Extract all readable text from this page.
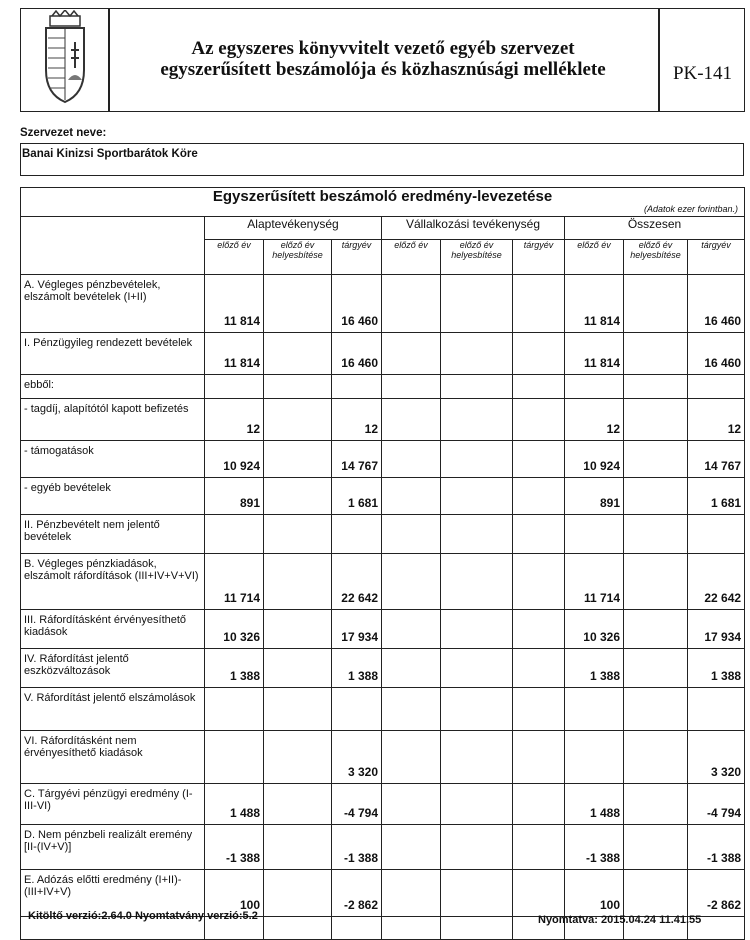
Az egyszeres könyvvitelt vezető egyéb szervezet
egyszerűsített beszámolója és közhasznúsági melléklete	PK-141
Szervezet neve:
Banai Kinizsi Sportbarátok Köre
Egyszerűsített beszámoló eredmény-levezetése
(Adatok ezer forintban.)									

	Alaptevékenység			Vállalkozási tevékenység			Összesen		
	előző év	előző év helyesbítése	tárgyév	előző év	előző év helyesbítése	tárgyév	előző év	előző év helyesbítése	tárgyév
A. Végleges pénzbevételek, elszámolt bevételek (I+II)	11 814		16 460				11 814		16 460
I. Pénzügyileg rendezett bevételek	11 814		16 460				11 814		16 460
ebből:									
- tagdíj, alapítótól kapott befizetés	12		12				12		12
- támogatások	10 924		14 767				10 924		14 767
- egyéb bevételek	891		1 681				891		1 681
II. Pénzbevételt nem jelentő bevételek									
B. Végleges pénzkiadások, elszámolt ráfordítások (III+IV+V+VI)	11 714		22 642				11 714		22 642
III. Ráfordításként érvényesíthető kiadások	10 326		17 934				10 326		17 934
IV. Ráfordítást jelentő eszközváltozások	1 388		1 388				1 388		1 388
V. Ráfordítást jelentő elszámolások									
VI. Ráfordításként nem érvényesíthető kiadások			3 320						3 320
C. Tárgyévi pénzügyi eredmény (I-III-VI)	1 488		-4 794				1 488		-4 794
D. Nem pénzbeli realizált eremény [II-(IV+V)]	-1 388		-1 388				-1 388		-1 388
E. Adózás előtti eredmény (I+II)-(III+IV+V)	100		-2 862				100		-2 862

Kitöltő verzió:2.64.0 Nyomtatvány verzió:5.2	Nyomtatva: 2015.04.24 11.41.55
